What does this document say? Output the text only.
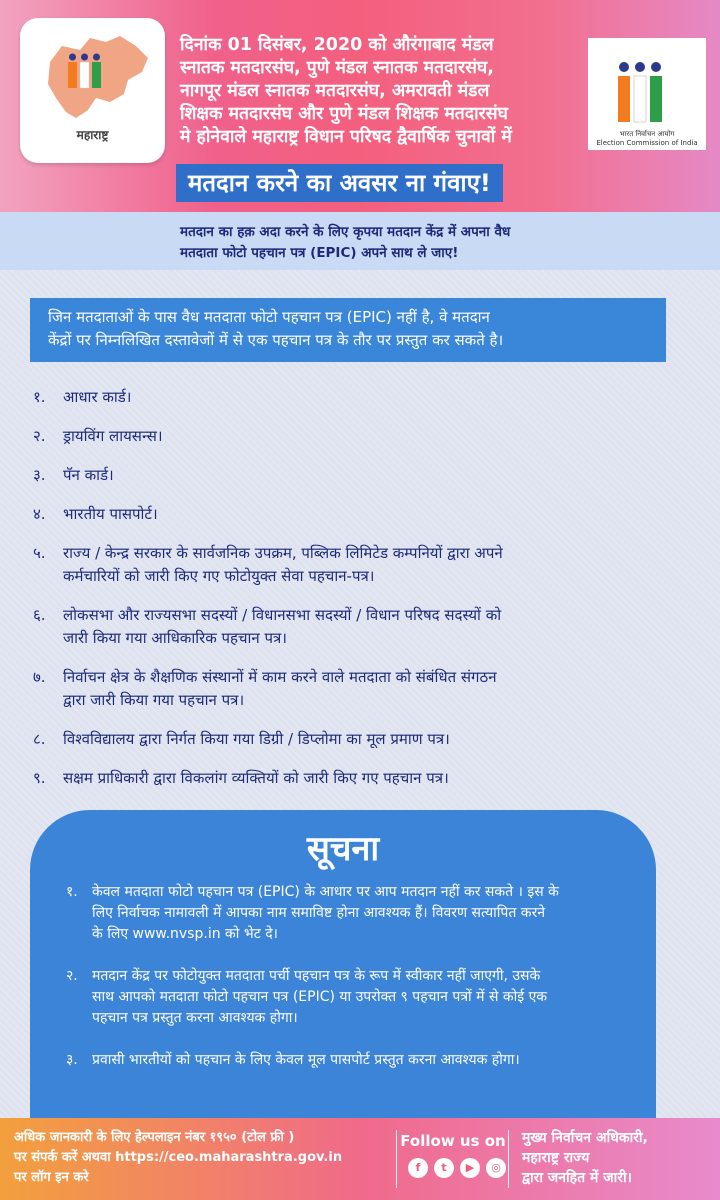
महाराष्ट्र

दिनांक 01 दिसंबर, 2020 को औरंगाबाद मंडल

स्नातक मतदारसंघ, पुणे मंडल स्नातक मतदारसंघ,

नागपूर मंडल स्नातक मतदारसंघ, अमरावती मंडल

शिक्षक मतदारसंघ और पुणे मंडल शिक्षक मतदारसंघ

मे होनेवाले महाराष्ट्र विधान परिषद द्वैवार्षिक चुनावों में	भारत निर्वाचन आयोग
Election Commission of India
मतदान करने का अवसर ना गंवाए!

मतदान का हक़ अदा करने के लिए कृपया मतदान केंद्र में अपना वैध
मतदाता फोटो पहचान पत्र (EPIC) अपने साथ ले जाए!

जिन मतदाताओं के पास वैध मतदाता फोटो पहचान पत्र (EPIC) नहीं है, वे मतदान
केंद्रों पर निम्नलिखित दस्तावेजों में से एक पहचान पत्र के तौर पर प्रस्तुत कर सकते है।

१.	आधार कार्ड।
२.	ड्रायविंग लायसन्स।
३.	पॅन कार्ड।
४.	भारतीय पासपोर्ट।
५.	राज्य / केन्द्र सरकार के सार्वजनिक उपक्रम, पब्लिक लिमिटेड कम्पनियों द्वारा अपने
कर्मचारियों को जारी किए गए फोटोयुक्त सेवा पहचान-पत्र।
६.	लोकसभा और राज्यसभा सदस्यों / विधानसभा सदस्यों / विधान परिषद सदस्यों को
जारी किया गया आधिकारिक पहचान पत्र।
७.	निर्वाचन क्षेत्र के शैक्षणिक संस्थानों में काम करने वाले मतदाता को संबंधित संगठन
द्वारा जारी किया गया पहचान पत्र।
८.	विश्वविद्यालय द्वारा निर्गत किया गया डिग्री / डिप्लोमा का मूल प्रमाण पत्र।
९.	सक्षम प्राधिकारी द्वारा विकलांग व्यक्तियों को जारी किए गए पहचान पत्र।
सूचना
१.	केवल मतदाता फोटो पहचान पत्र (EPIC) के आधार पर आप मतदान नहीं कर सकते । इस के
लिए निर्वाचक नामावली में आपका नाम समाविष्ट होना आवश्यक हैं। विवरण सत्यापित करने
के लिए www.nvsp.in को भेट दे।
२.	मतदान केंद्र पर फोटोयुक्त मतदाता पर्ची पहचान पत्र के रूप में स्वीकार नहीं जाएगी, उसके
साथ आपको मतदाता फोटो पहचान पत्र (EPIC) या उपरोक्त ९ पहचान पत्रों में से कोई एक
पहचान पत्र प्रस्तुत करना आवश्यक होगा।
३.	प्रवासी भारतीयों को पहचान के लिए केवल मूल पासपोर्ट प्रस्तुत करना आवश्यक होगा।

अधिक जानकारी के लिए हेल्पलाइन नंबर १९५० (टोल फ्री )

पर संपर्क करें अथवा https://ceo.maharashtra.gov.in

पर लॉग इन करे

Follow us on
f	t	▶	◎

मुख्य निर्वाचन अधिकारी,

महाराष्ट्र राज्य

द्वारा जनहित में जारी।
